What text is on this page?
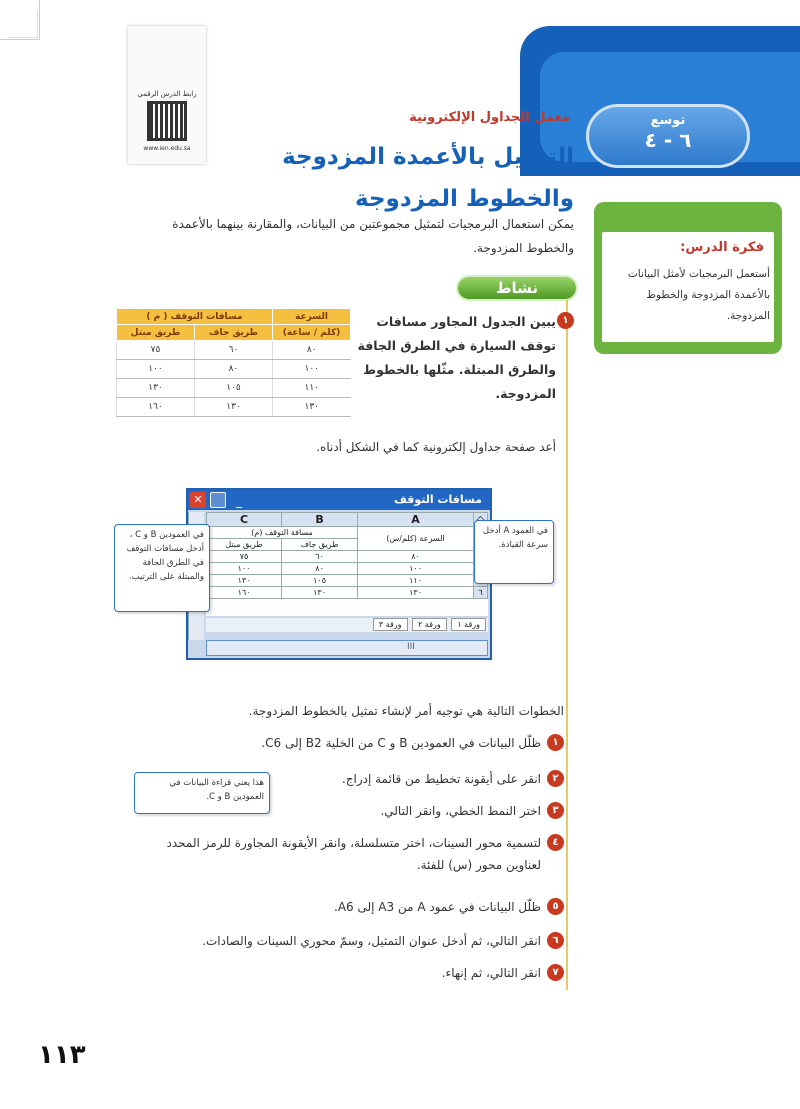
رابط الدرس الرقمي
www.ien.edu.sa
توسع
٦ - ٤
معمل الجداول الإلكترونية
التمثيل بالأعمدة المزدوجة
والخطوط المزدوجة
يمكن استعمال البرمجيات لتمثيل مجموعتين من البيانات، والمقارنة بينهما بالأعمدة والخطوط المزدوجة.	فكرة الدرس:
أستعمل البرمجيات لأمثل البيانات بالأعمدة المزدوجة والخطوط المزدوجة.
نشاط
السرعة	مسافات التوقف ( م )	
(كلم / ساعة)	طريق جاف	طريق مبتل
٨٠	٦٠	٧٥
١٠٠	٨٠	١٠٠
١١٠	١٠٥	١٣٠
١٣٠	١٣٠	١٦٠
١
يبين الجدول المجاور مسافات توقف السيارة في الطرق الجافة والطرق المبتلة. مثّلها بالخطوط المزدوجة.
أعد صفحة جداول إلكترونية كما في الشكل أدناه.
مسافات التوقف
✕	_
	A	B	C
	السرعة (كلم/س)	مسافة التوقف (م)	
	طريق جاف	طريق مبتل
	٨٠	٦٠	٧٥
	١٠٠	٨٠	١٠٠
	١١٠	١٠٥	١٣٠
٦	١٣٠	١٣٠	١٦٠
ورقة ١ ورقة ٢ ورقة ٣
III
في العمودين B و C ، أدخل مسافات التوقف في الطرق الجافة والمبتلة على الترتيب.
في العمود A أدخل سرعة القيادة.
هذا يعني قراءة البيانات في العمودين B و C.
الخطوات التالية هي توجيه أمر لإنشاء تمثيل بالخطوط المزدوجة.
١
ظلّل البيانات في العمودين B و C من الخلية B2 إلى C6.
٢
انقر على أيقونة تخطيط من قائمة إدراج.
٣
اختر النمط الخطي، وانقر التالي.
٤
لتسمية محور السينات، اختر متسلسلة، وانقر الأيقونة المجاورة للرمز المحدد لعناوين محور (س) للفئة.
٥
ظلّل البيانات في عمود A من A3 إلى A6.
٦
انقر التالي، ثم أدخل عنوان التمثيل، وسمّ محوري السينات والصادات.
٧
انقر التالي، ثم إنهاء.
١١٣
